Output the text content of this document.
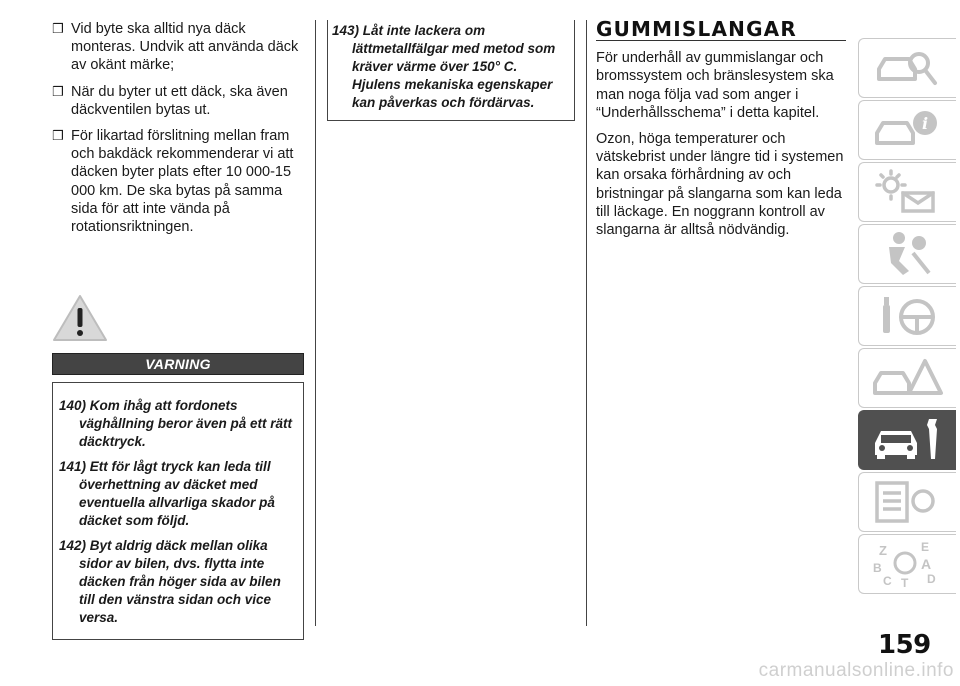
❒ Vid byte ska alltid nya däck monteras. Undvik att använda däck av okänt märke;
❒ När du byter ut ett däck, ska även däckventilen bytas ut.
❒ För likartad förslitning mellan fram och bakdäck rekommenderar vi att däcken byter plats efter 10 000-15 000 km. De ska bytas på samma sida för att inte vända på rotationsriktningen.
VARNING
140) Kom ihåg att fordonets väghållning beror även på ett rätt däcktryck.
141) Ett för lågt tryck kan leda till överhettning av däcket med eventuella allvarliga skador på däcket som följd.
142) Byt aldrig däck mellan olika sidor av bilen, dvs. flytta inte däcken från höger sida av bilen till den vänstra sidan och vice versa.
143) Låt inte lackera om lättmetallfälgar med metod som kräver värme över 150° C. Hjulens mekaniska egenskaper kan påverkas och fördärvas.
GUMMISLANGAR

För underhåll av gummislangar och bromssystem och bränslesystem ska man noga följa vad som anger i “Underhållsschema” i detta kapitel.

Ozon, höga temperaturer och vätskebrist under längre tid i systemen kan orsaka förhårdning av och bristningar på slangarna som kan leda till läckage. En noggrann kontroll av slangarna är alltså nödvändig.

i
Z	E
B	A
C	D
T
159
carmanualsonline.info
